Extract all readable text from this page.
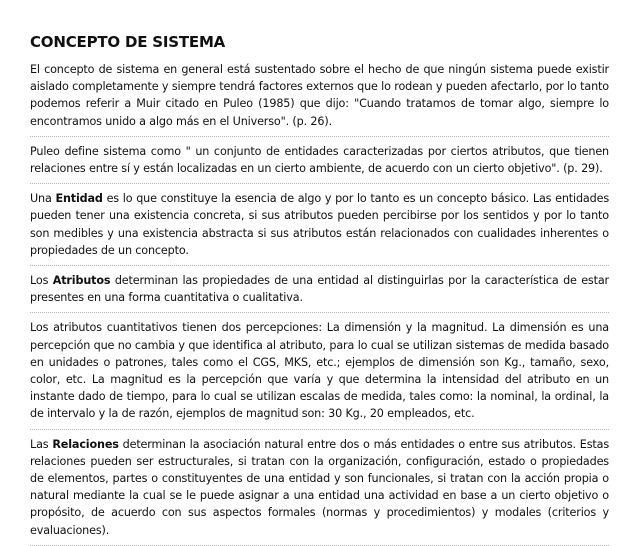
CONCEPTO DE SISTEMA

El concepto de sistema en general está sustentado sobre el hecho de que ningún sistema puede existir aislado completamente y siempre tendrá factores externos que lo rodean y pueden afectarlo, por lo tanto podemos referir a Muir citado en Puleo (1985) que dijo: "Cuando tratamos de tomar algo, siempre lo encontramos unido a algo más en el Universo". (p. 26).

Puleo define sistema como " un conjunto de entidades caracterizadas por ciertos atributos, que tienen relaciones entre sí y están localizadas en un cierto ambiente, de acuerdo con un cierto objetivo". (p. 29).

Una Entidad es lo que constituye la esencia de algo y por lo tanto es un concepto básico. Las entidades pueden tener una existencia concreta, si sus atributos pueden percibirse por los sentidos y por lo tanto son medibles y una existencia abstracta si sus atributos están relacionados con cualidades inherentes o propiedades de un concepto.

Los Atributos determinan las propiedades de una entidad al distinguirlas por la característica de estar presentes en una forma cuantitativa o cualitativa.

Los atributos cuantitativos tienen dos percepciones: La dimensión y la magnitud. La dimensión es una percepción que no cambia y que identifica al atributo, para lo cual se utilizan sistemas de medida basado en unidades o patrones, tales como el CGS, MKS, etc.; ejemplos de dimensión son Kg., tamaño, sexo, color, etc. La magnitud es la percepción que varía y que determina la intensidad del atributo en un instante dado de tiempo, para lo cual se utilizan escalas de medida, tales como: la nominal, la ordinal, la de intervalo y la de razón, ejemplos de magnitud son: 30 Kg., 20 empleados, etc.

Las Relaciones determinan la asociación natural entre dos o más entidades o entre sus atributos. Estas relaciones pueden ser estructurales, si tratan con la organización, configuración, estado o propiedades de elementos, partes o constituyentes de una entidad y son funcionales, si tratan con la acción propia o natural mediante la cual se le puede asignar a una entidad una actividad en base a un cierto objetivo o propósito, de acuerdo con sus aspectos formales (normas y procedimientos) y modales (criterios y evaluaciones).
